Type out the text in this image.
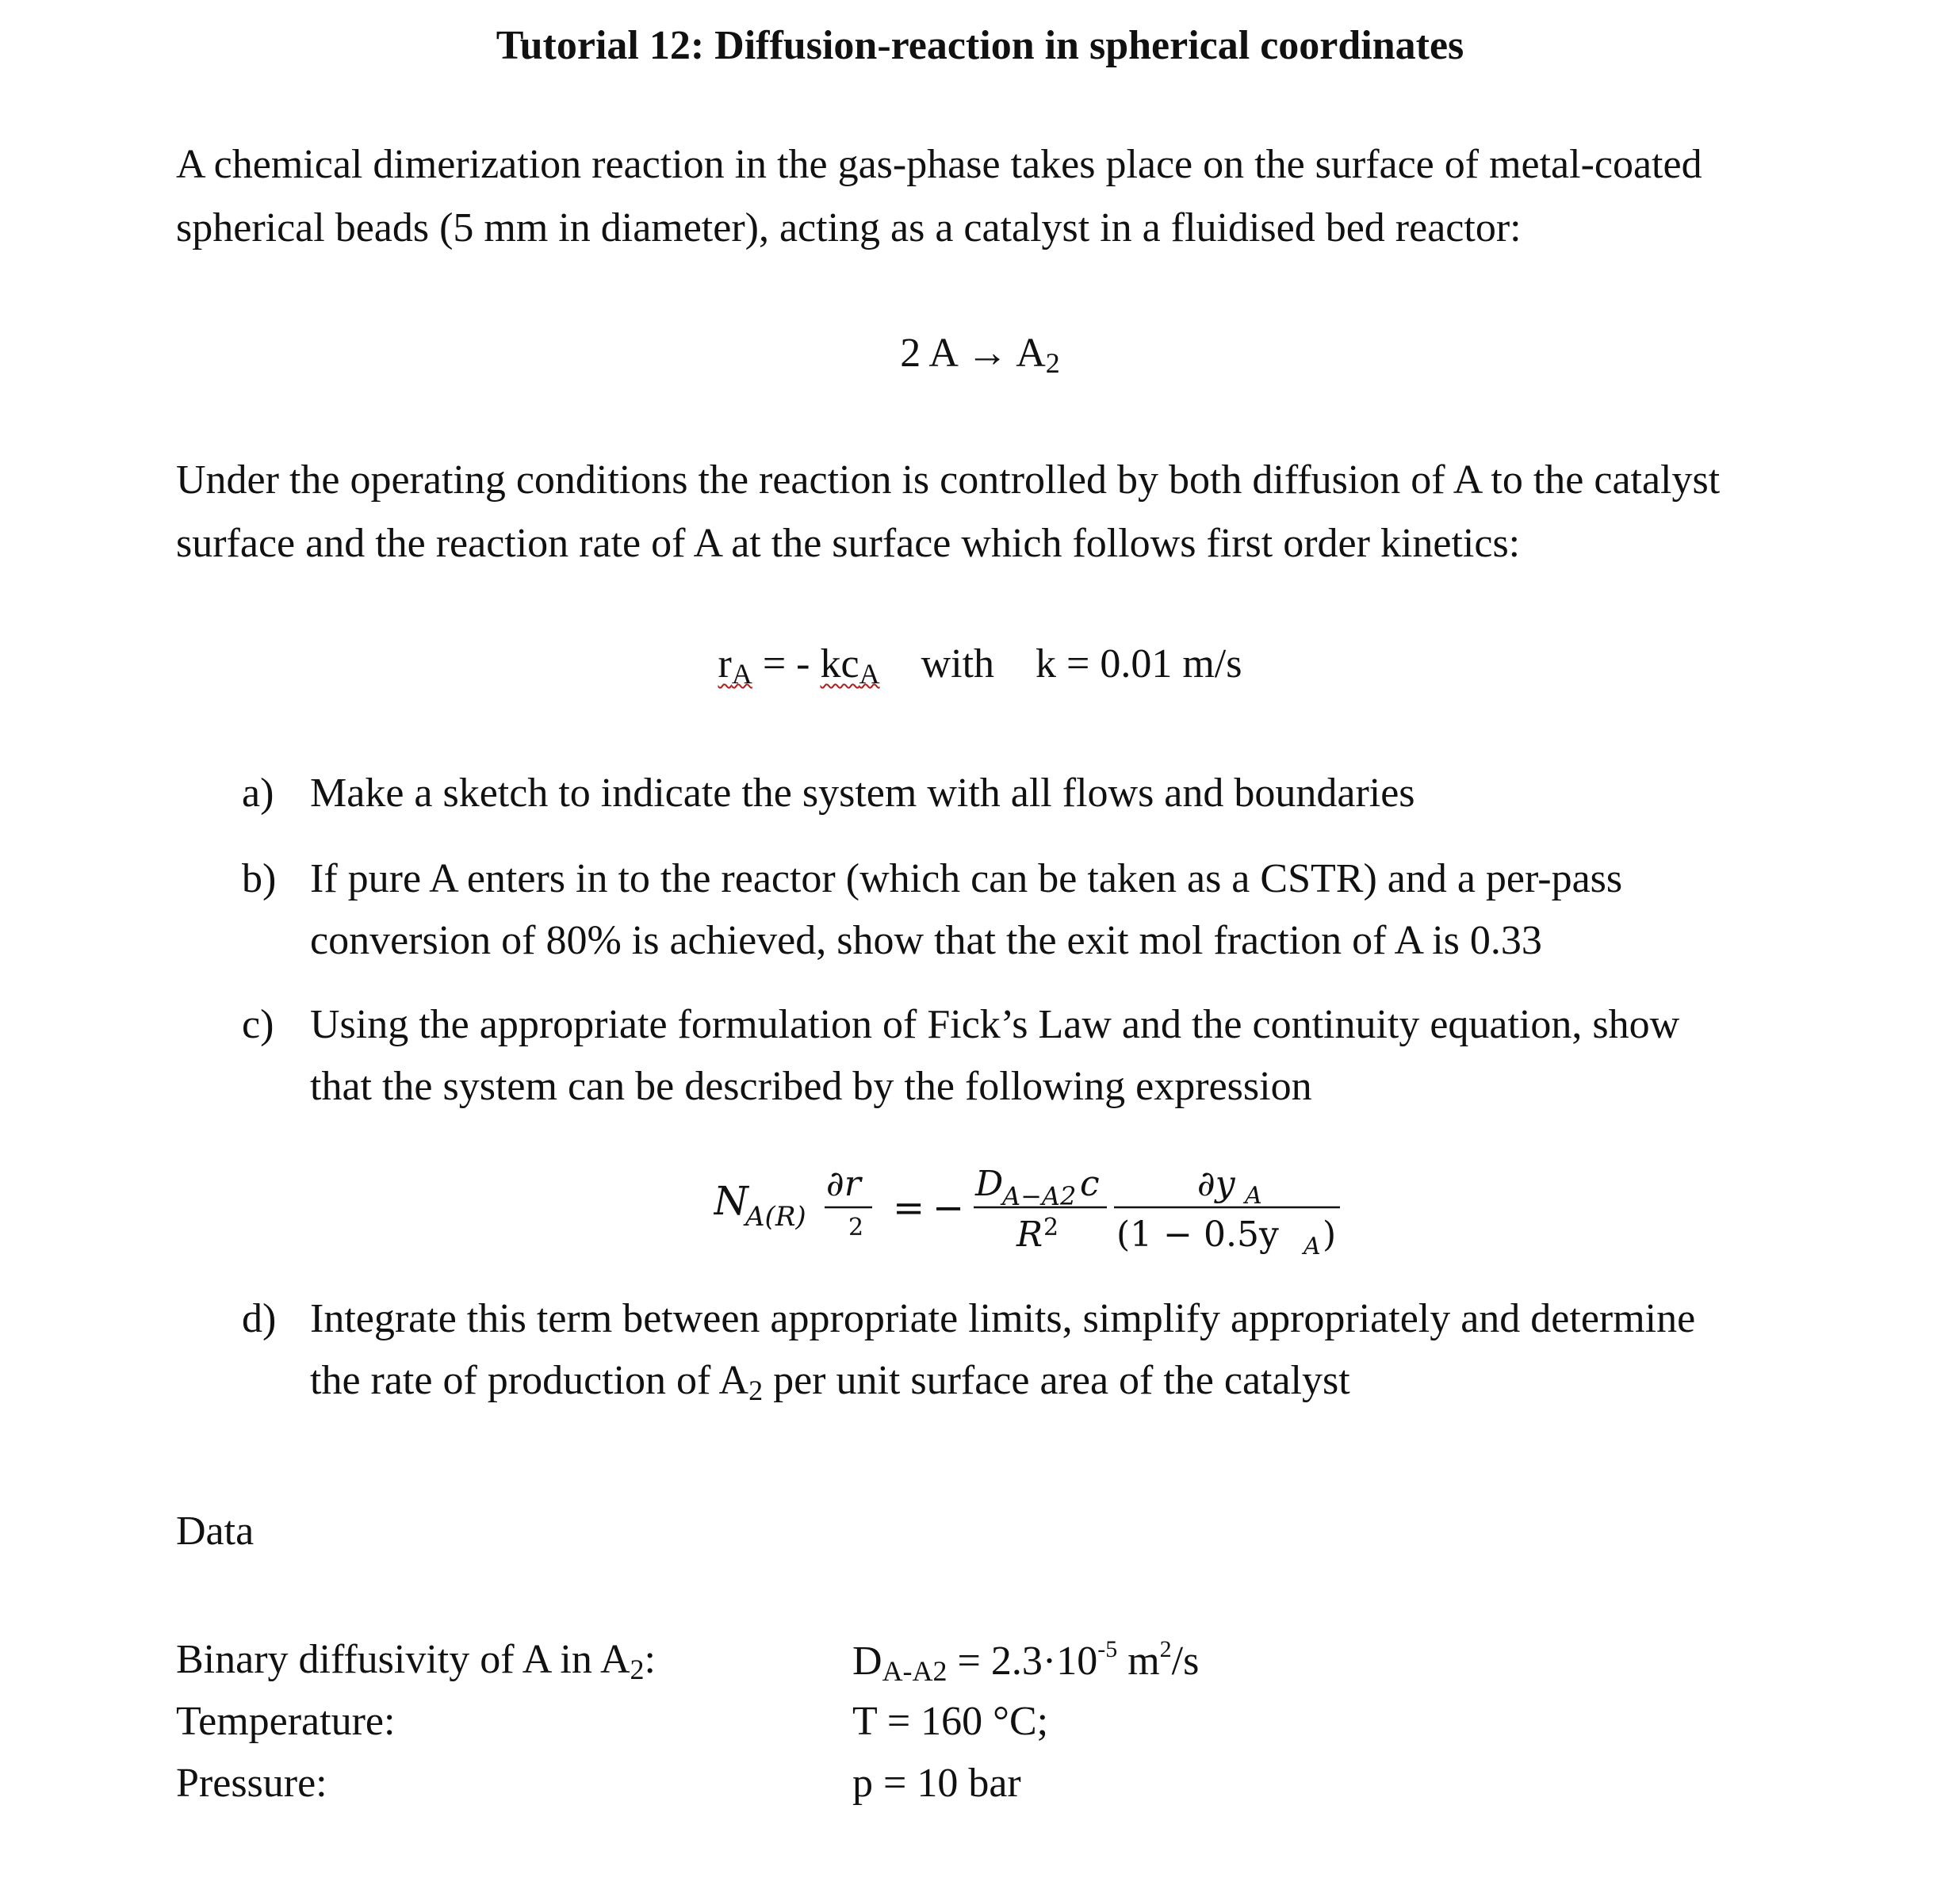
Tutorial 12: Diffusion-reaction in spherical coordinates
A chemical dimerization reaction in the gas-phase takes place on the surface of metal-coated
spherical beads (5 mm in diameter), acting as a catalyst in a fluidised bed reactor:
2 $A \to A_2$
Under the operating conditions the reaction is controlled by both diffusion of A to the catalyst
surface and the reaction rate of A at the surface which follows first order kinetics:
$r_A$ = - $kc_A$ with k = 0.01 m/s
a) Make a sketch to indicate the system with all flows and boundaries
b) If pure A enters in to the reactor (which can be taken as a CSTR) and a per-pass
conversion of 80% is achieved, show that the exit mol fraction of A is 0.33
c) Using the appropriate formulation of Fick’s Law and the continuity equation, show
that the system can be described by the following expression
N
A(R)
∂r
2 = −
D
A−A2 c
R 2
∂y A
(1 − 0.5y A )
d) Integrate this term between appropriate limits, simplify appropriately and determine
the rate of production of $A_2$ per unit surface area of the catalyst
Data
Binary diffusivity of A in $A_2$:	$D_{A-A2} = 2.3\cdot 10^{-5}$ $m^2/s$
Temperature:	T = 160 °C;
Pressure:	p = 10 bar
